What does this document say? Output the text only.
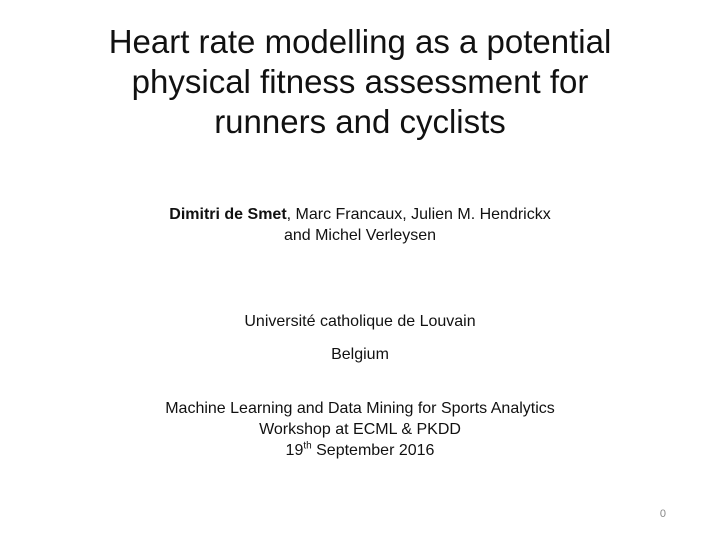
Heart rate modelling as a potential
physical fitness assessment for
runners and cyclists

Dimitri de Smet, Marc Francaux, Julien M. Hendrickx
and Michel Verleysen

Université catholique de Louvain

Belgium

Machine Learning and Data Mining for Sports Analytics
Workshop at ECML & PKDD
19th September 2016

0
